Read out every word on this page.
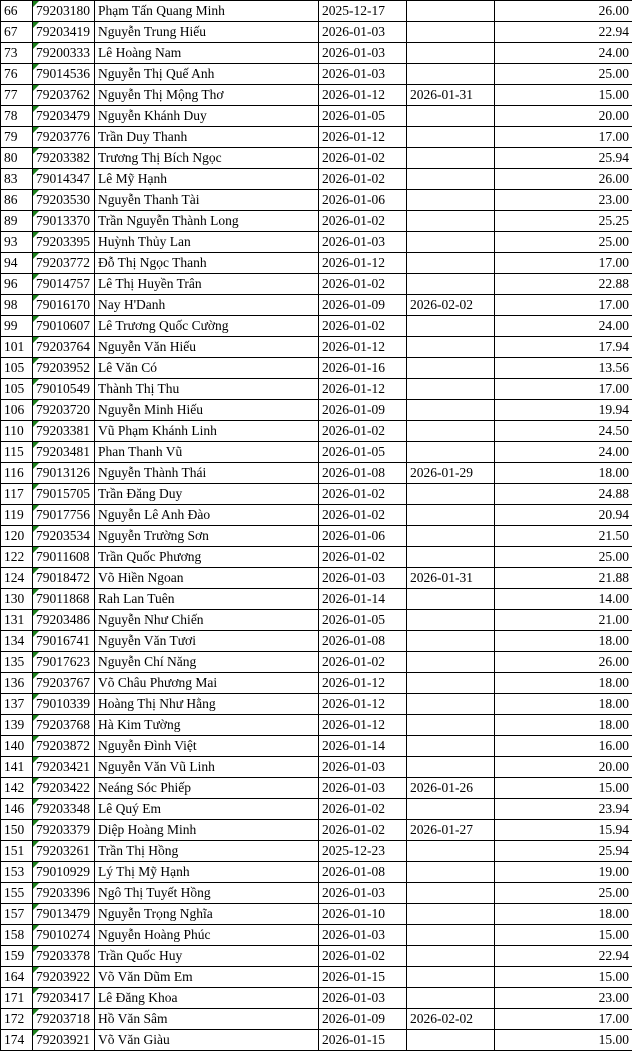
66	79203180	Phạm Tấn Quang Minh	2025-12-17		26.00
67	79203419	Nguyễn Trung Hiếu	2026-01-03		22.94
73	79200333	Lê Hoàng Nam	2026-01-03		24.00
76	79014536	Nguyễn Thị Quế Anh	2026-01-03		25.00
77	79203762	Nguyễn Thị Mộng Thơ	2026-01-12	2026-01-31	15.00
78	79203479	Nguyễn Khánh Duy	2026-01-05		20.00
79	79203776	Trần Duy Thanh	2026-01-12		17.00
80	79203382	Trương Thị Bích Ngọc	2026-01-02		25.94
83	79014347	Lê Mỹ Hạnh	2026-01-02		26.00
86	79203530	Nguyễn Thanh Tài	2026-01-06		23.00
89	79013370	Trần Nguyễn Thành Long	2026-01-02		25.25
93	79203395	Huỳnh Thủy Lan	2026-01-03		25.00
94	79203772	Đỗ Thị Ngọc Thanh	2026-01-12		17.00
96	79014757	Lê Thị Huyền Trân	2026-01-02		22.88
98	79016170	Nay H'Danh	2026-01-09	2026-02-02	17.00
99	79010607	Lê Trương Quốc Cường	2026-01-02		24.00
101	79203764	Nguyễn Văn Hiếu	2026-01-12		17.94
105	79203952	Lê Văn Có	2026-01-16		13.56
105	79010549	Thành Thị Thu	2026-01-12		17.00
106	79203720	Nguyễn Minh Hiếu	2026-01-09		19.94
110	79203381	Vũ Phạm Khánh Linh	2026-01-02		24.50
115	79203481	Phan Thanh Vũ	2026-01-05		24.00
116	79013126	Nguyễn Thành Thái	2026-01-08	2026-01-29	18.00
117	79015705	Trần Đăng Duy	2026-01-02		24.88
119	79017756	Nguyễn Lê Anh Đào	2026-01-02		20.94
120	79203534	Nguyễn Trường Sơn	2026-01-06		21.50
122	79011608	Trần Quốc Phương	2026-01-02		25.00
124	79018472	Võ Hiền Ngoan	2026-01-03	2026-01-31	21.88
130	79011868	Rah Lan Tuên	2026-01-14		14.00
131	79203486	Nguyễn Như Chiến	2026-01-05		21.00
134	79016741	Nguyễn Văn Tươi	2026-01-08		18.00
135	79017623	Nguyễn Chí Năng	2026-01-02		26.00
136	79203767	Võ Châu Phương Mai	2026-01-12		18.00
137	79010339	Hoàng Thị Như Hằng	2026-01-12		18.00
139	79203768	Hà Kim Tường	2026-01-12		18.00
140	79203872	Nguyễn Đình Việt	2026-01-14		16.00
141	79203421	Nguyễn Văn Vũ Linh	2026-01-03		20.00
142	79203422	Neáng Sóc Phiếp	2026-01-03	2026-01-26	15.00
146	79203348	Lê Quý Em	2026-01-02		23.94
150	79203379	Diệp Hoàng Minh	2026-01-02	2026-01-27	15.94
151	79203261	Trần Thị Hồng	2025-12-23		25.94
153	79010929	Lý Thị Mỹ Hạnh	2026-01-08		19.00
155	79203396	Ngô Thị Tuyết Hồng	2026-01-03		25.00
157	79013479	Nguyễn Trọng Nghĩa	2026-01-10		18.00
158	79010274	Nguyễn Hoàng Phúc	2026-01-03		15.00
159	79203378	Trần Quốc Huy	2026-01-02		22.94
164	79203922	Võ Văn Dũm Em	2026-01-15		15.00
171	79203417	Lê Đăng Khoa	2026-01-03		23.00
172	79203718	Hồ Văn Sâm	2026-01-09	2026-02-02	17.00
174	79203921	Võ Văn Giàu	2026-01-15		15.00
